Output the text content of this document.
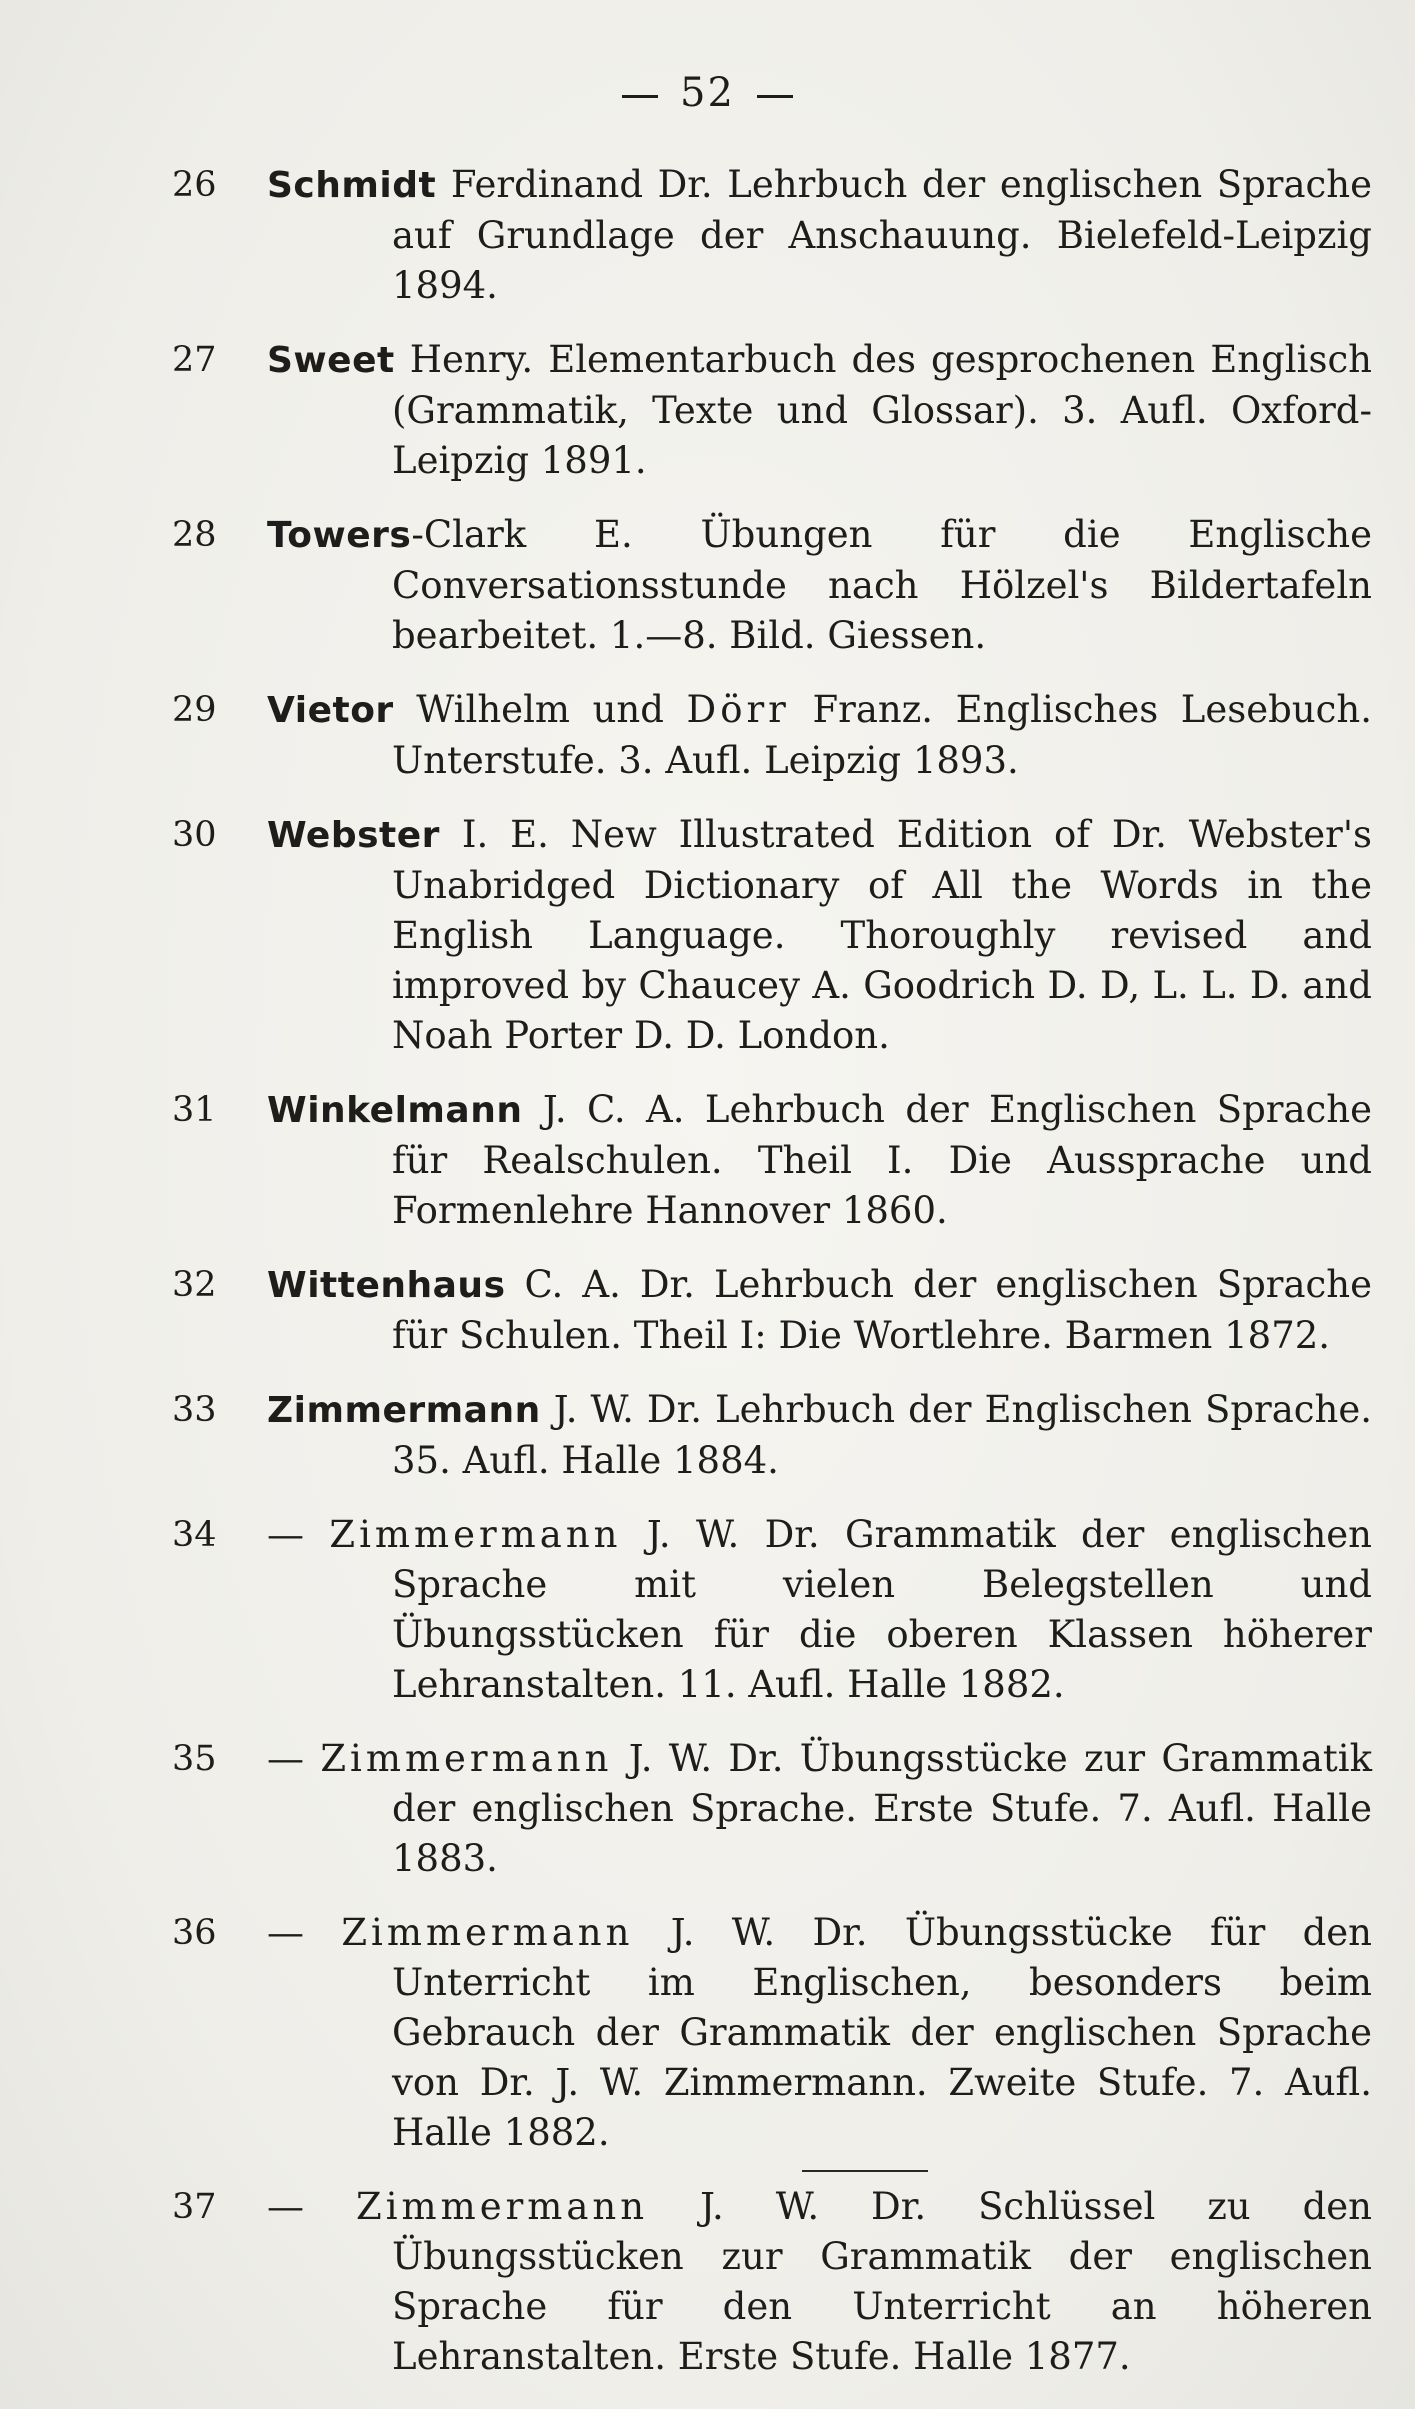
52
26	Schmidt Ferdinand Dr. Lehrbuch der englischen Sprache auf Grundlage der Anschauung. Bielefeld-Leipzig 1894.
27	Sweet Henry. Elementarbuch des gesprochenen Englisch (Grammatik, Texte und Glossar). 3. Aufl. Oxford-Leipzig 1891.
28	Towers-Clark E. Übungen für die Englische Conversationsstunde nach Hölzel's Bildertafeln bearbeitet. 1.—8. Bild. Giessen.
29	Vietor Wilhelm und Dörr Franz. Englisches Lesebuch. Unterstufe. 3. Aufl. Leipzig 1893.
30	Webster I. E. New Illustrated Edition of Dr. Webster's Unabridged Dictionary of All the Words in the English Language. Thoroughly revised and improved by Chaucey A. Goodrich D. D, L. L. D. and Noah Porter D. D. London.
31	Winkelmann J. C. A. Lehrbuch der Englischen Sprache für Realschulen. Theil I. Die Aussprache und Formenlehre Hannover 1860.
32	Wittenhaus C. A. Dr. Lehrbuch der englischen Sprache für Schulen. Theil I: Die Wortlehre. Barmen 1872.
33	Zimmermann J. W. Dr. Lehrbuch der Englischen Sprache. 35. Aufl. Halle 1884.
34	— Zimmermann J. W. Dr. Grammatik der englischen Sprache mit vielen Belegstellen und Übungsstücken für die oberen Klassen höherer Lehranstalten. 11. Aufl. Halle 1882.
35	— Zimmermann J. W. Dr. Übungsstücke zur Grammatik der englischen Sprache. Erste Stufe. 7. Aufl. Halle 1883.
36	— Zimmermann J. W. Dr. Übungsstücke für den Unterricht im Englischen, besonders beim Gebrauch der Grammatik der englischen Sprache von Dr. J. W. Zimmermann. Zweite Stufe. 7. Aufl. Halle 1882.
37	— Zimmermann J. W. Dr. Schlüssel zu den Übungsstücken zur Grammatik der englischen Sprache für den Unterricht an höheren Lehranstalten. Erste Stufe. Halle 1877.
